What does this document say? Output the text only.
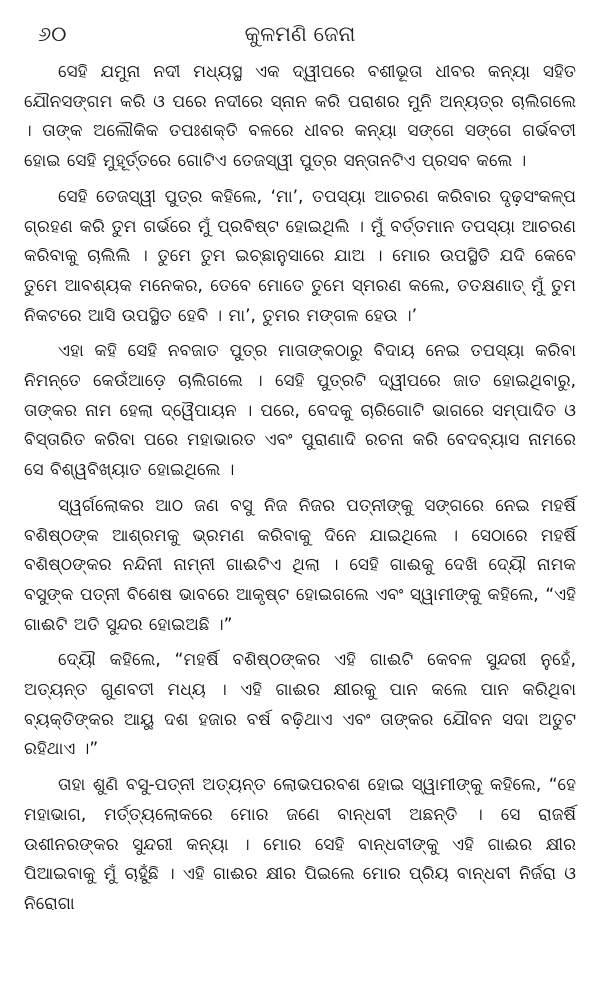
୬୦	କୁଳମଣି ଜେନା

ସେହି ଯମୁନା ନଦୀ ମଧ୍ୟସ୍ଥ ଏକ ଦ୍ୱୀପରେ ବଶୀଭୂତା ଧୀବର କନ୍ୟା ସହିତ ଯୌନସଙ୍ଗମ କରି ଓ ପରେ ନଦୀରେ ସ୍ନାନ କରି ପରାଶର ମୁନି ଅନ୍ୟତ୍ର ଚାଲିଗଲେ । ତାଙ୍କ ଅଲୌକିକ ତପଃଶକ୍ତି ବଳରେ ଧୀବର କନ୍ୟା ସଙ୍ଗେ ସଙ୍ଗେ ଗର୍ଭବତୀ ହୋଇ ସେହି ମୁହୂର୍ତ୍ତରେ ଗୋଟିଏ ତେଜସ୍ୱୀ ପୁତ୍ର ସନ୍ତାନଟିଏ ପ୍ରସବ କଲେ ।

ସେହି ତେଜସ୍ୱୀ ପୁତ୍ର କହିଲେ, ‘ମା’, ତପସ୍ୟା ଆଚରଣ କରିବାର ଦୃଢ଼ସଂକଳ୍ପ ଗ୍ରହଣ କରି ତୁମ ଗର୍ଭରେ ମୁଁ ପ୍ରବିଷ୍ଟ ହୋଇଥିଲି । ମୁଁ ବର୍ତ୍ତମାନ ତପସ୍ୟା ଆଚରଣ କରିବାକୁ ଚାଲିଲି । ତୁମେ ତୁମ ଇଚ୍ଛାନୁସାରେ ଯାଅ । ମୋର ଉପସ୍ଥିତି ଯଦି କେବେ ତୁମେ ଆବଶ୍ୟକ ମନେକର, ତେବେ ମୋତେ ତୁମେ ସ୍ମରଣ କଲେ, ତତକ୍ଷଣାତ୍ ମୁଁ ତୁମ ନିକଟରେ ଆସି ଉପସ୍ଥିତ ହେବି । ମା’, ତୁମର ମଙ୍ଗଳ ହେଉ ।’

ଏହା କହି ସେହି ନବଜାତ ପୁତ୍ର ମାତାଙ୍କଠାରୁ ବିଦାୟ ନେଇ ତପସ୍ୟା କରିବା ନିମନ୍ତେ କେଉଁଆଡ଼େ ଚାଲିଗଲେ । ସେହି ପୁତ୍ରଟି ଦ୍ୱୀପରେ ଜାତ ହୋଇଥିବାରୁ, ତାଙ୍କର ନାମ ହେଲା ଦ୍ୱୈପାୟନ । ପରେ, ବେଦକୁ ଚାରିଗୋଟି ଭାଗରେ ସମ୍ପାଦିତ ଓ ବିସ୍ତାରିତ କରିବା ପରେ ମହାଭାରତ ଏବଂ ପୁରାଣାଦି ରଚନା କରି ବେଦବ୍ୟାସ ନାମରେ ସେ ବିଶ୍ୱବିଖ୍ୟାତ ହୋଇଥିଲେ ।

ସ୍ୱର୍ଗଲୋକର ଆଠ ଜଣ ବସୁ ନିଜ ନିଜର ପତ୍ନୀଙ୍କୁ ସଙ୍ଗରେ ନେଇ ମହର୍ଷି ବଶିଷ୍ଠଙ୍କ ଆଶ୍ରମକୁ ଭ୍ରମଣ କରିବାକୁ ଦିନେ ଯାଇଥିଲେ । ସେଠାରେ ମହର୍ଷି ବଶିଷ୍ଠଙ୍କର ନନ୍ଦିନୀ ନାମ୍ନୀ ଗାଈଟିଏ ଥିଲା । ସେହି ଗାଈକୁ ଦେଖି ଦ୍ୟୌ ନାମକ ବସୁଙ୍କ ପତ୍ନୀ ବିଶେଷ ଭାବରେ ଆକୃଷ୍ଟ ହୋଇଗଲେ ଏବଂ ସ୍ୱାମୀଙ୍କୁ କହିଲେ, “ଏହି ଗାଈଟି ଅତି ସୁନ୍ଦର ହୋଇଅଛି ।”

ଦ୍ୟୌ କହିଲେ, “ମହର୍ଷି ବଶିଷ୍ଠଙ୍କର ଏହି ଗାଈଟି କେବଳ ସୁନ୍ଦରୀ ନୁହେଁ, ଅତ୍ୟନ୍ତ ଗୁଣବତୀ ମଧ୍ୟ । ଏହି ଗାଈର କ୍ଷୀରକୁ ପାନ କଲେ ପାନ କରିଥିବା ବ୍ୟକ୍ତିଙ୍କର ଆୟୁ ଦଶ ହଜାର ବର୍ଷ ବଢ଼ିଥାଏ ଏବଂ ତାଙ୍କର ଯୌବନ ସଦା ଅତୁଟ ରହିଥାଏ ।”

ତାହା ଶୁଣି ବସୁ-ପତ୍ନୀ ଅତ୍ୟନ୍ତ ଲୋଭପରବଶ ହୋଇ ସ୍ୱାମୀଙ୍କୁ କହିଲେ, “ହେ ମହାଭାଗ, ମର୍ତ୍ତ୍ୟଲୋକରେ ମୋର ଜଣେ ବାନ୍ଧବୀ ଅଛନ୍ତି । ସେ ରାଜର୍ଷି ଉଶୀନରଙ୍କର ସୁନ୍ଦରୀ କନ୍ୟା । ମୋର ସେହି ବାନ୍ଧବୀଙ୍କୁ ଏହି ଗାଈର କ୍ଷୀର ପିଆଇବାକୁ ମୁଁ ଚାହୁଁଛି । ଏହି ଗାଈର କ୍ଷୀର ପିଇଲେ ମୋର ପ୍ରିୟ ବାନ୍ଧବୀ ନିର୍ଜରା ଓ ନିରୋଗା
